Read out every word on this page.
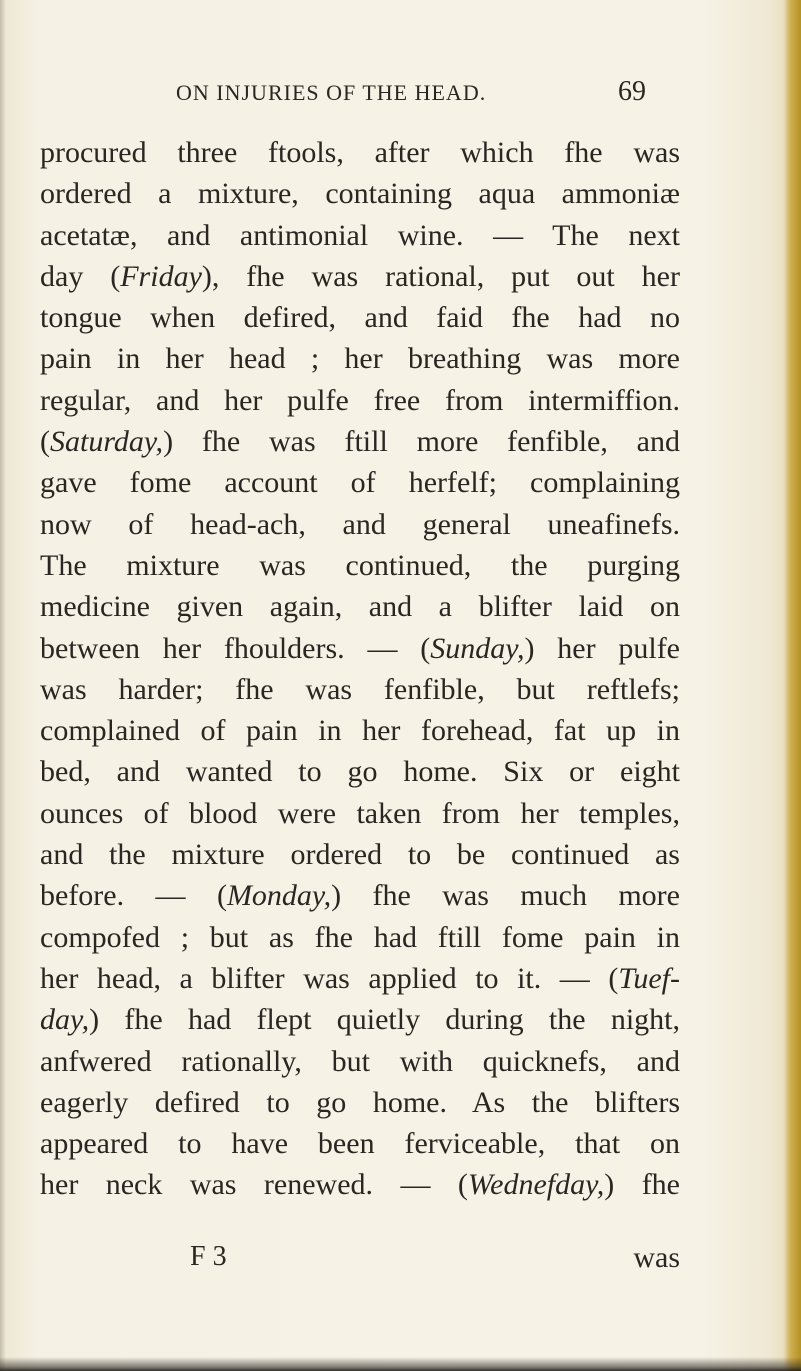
ON INJURIES OF THE HEAD.	69
procured three ftools, after which fhe was
ordered a mixture, containing aqua ammoniæ
acetatæ, and antimonial wine. — The next
day (Friday), fhe was rational, put out her
tongue when defired, and faid fhe had no
pain in her head ; her breathing was more
regular, and her pulfe free from intermiffion.
(Saturday,) fhe was ftill more fenfible, and
gave fome account of herfelf; complaining
now of head-ach, and general uneafinefs.
The mixture was continued, the purging
medicine given again, and a blifter laid on
between her fhoulders. — (Sunday,) her pulfe
was harder; fhe was fenfible, but reftlefs;
complained of pain in her forehead, fat up in
bed, and wanted to go home. Six or eight
ounces of blood were taken from her temples,
and the mixture ordered to be continued as
before. — (Monday,) fhe was much more
compofed ; but as fhe had ftill fome pain in
her head, a blifter was applied to it. — (Tuef-
day,) fhe had flept quietly during the night,
anfwered rationally, but with quicknefs, and
eagerly defired to go home. As the blifters
appeared to have been ferviceable, that on
her neck was renewed. — (Wednefday,) fhe
F 3	was
